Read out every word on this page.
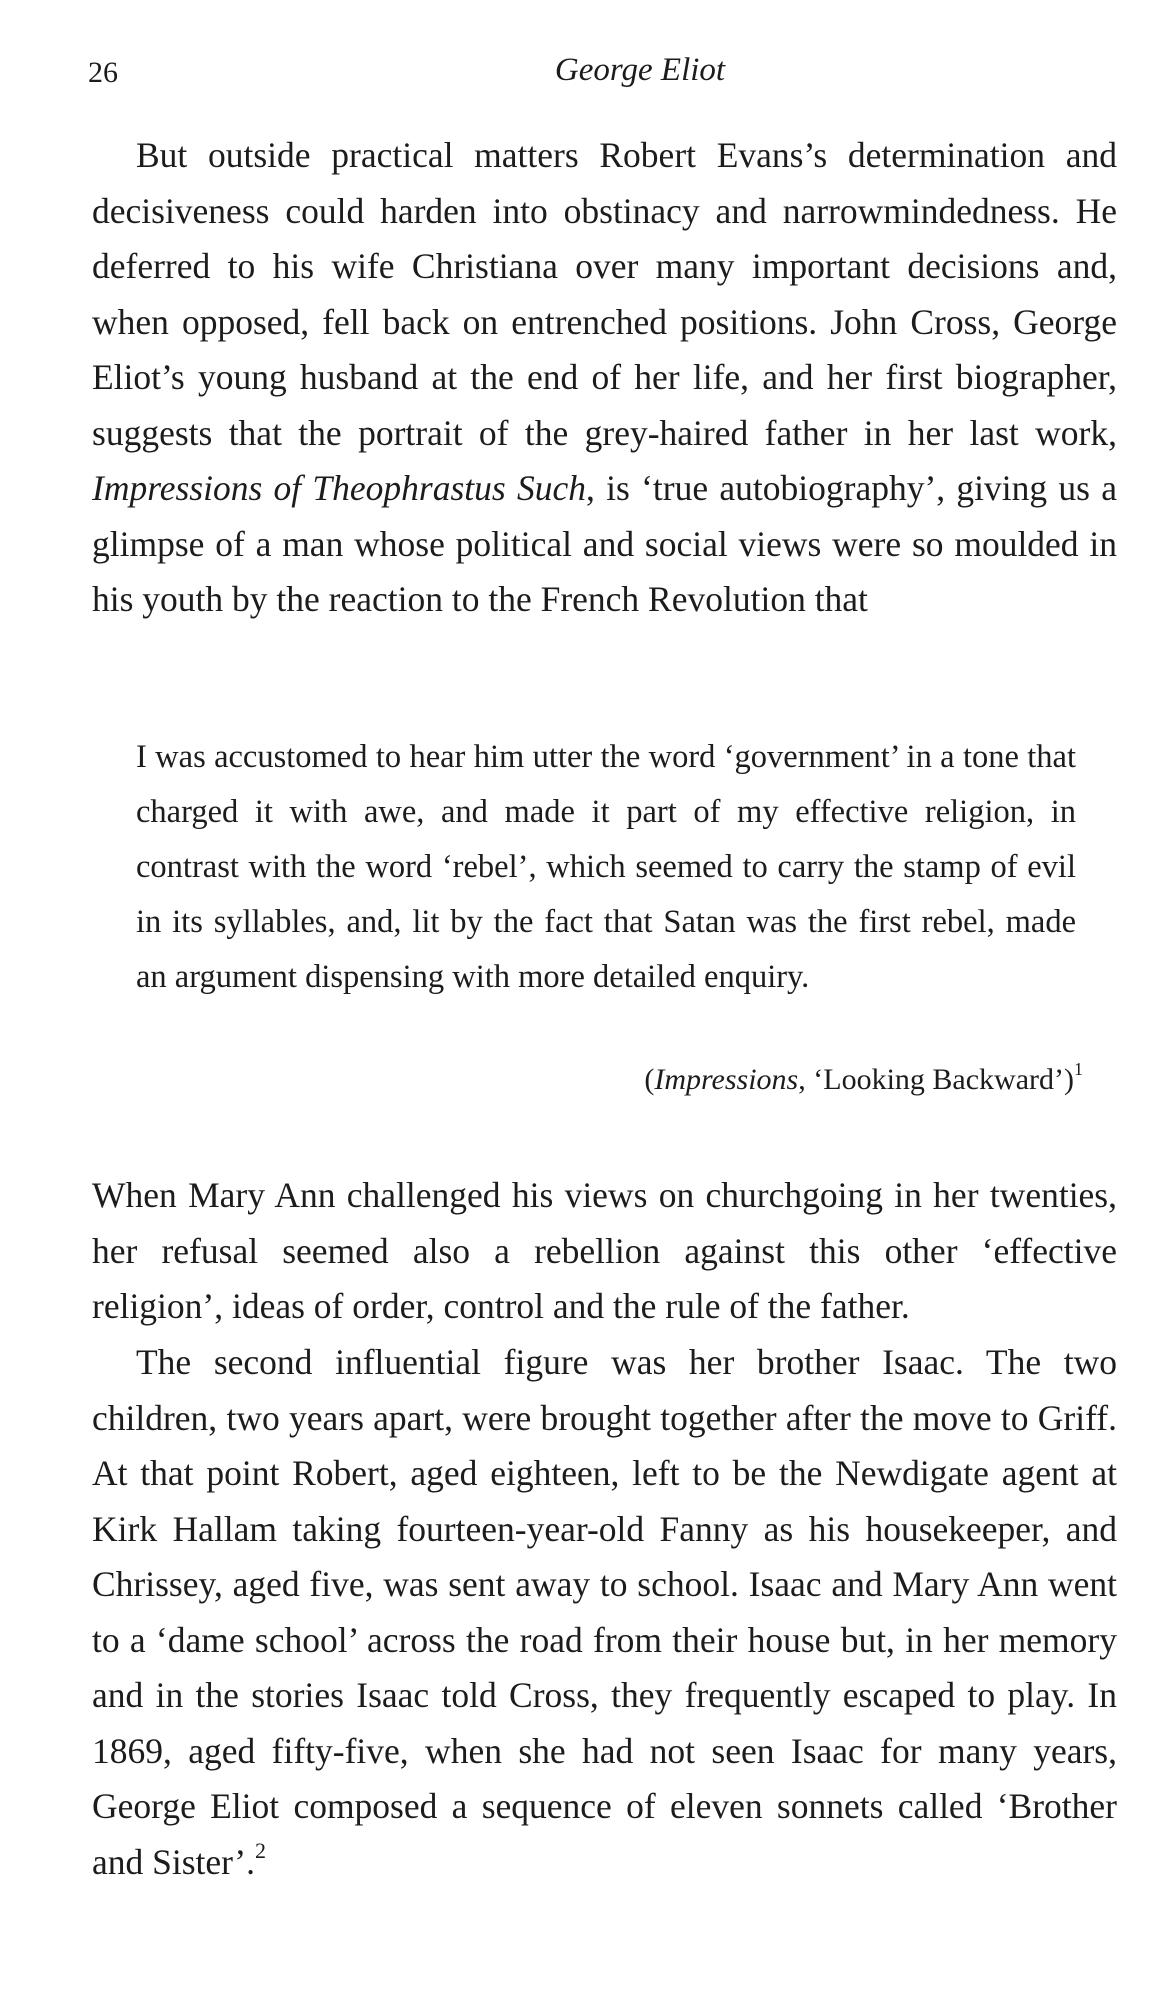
26	George Eliot

But outside practical matters Robert Evans’s determination and decisiveness could harden into obstinacy and narrowmindedness. He deferred to his wife Christiana over many important decisions and, when opposed, fell back on entrenched positions. John Cross, George Eliot’s young husband at the end of her life, and her first biographer, suggests that the portrait of the grey-haired father in her last work, Impressions of Theophrastus Such, is ‘true autobiography’, giving us a glimpse of a man whose political and social views were so moulded in his youth by the reaction to the French Revolution that

I was accustomed to hear him utter the word ‘government’ in a tone that charged it with awe, and made it part of my effective religion, in contrast with the word ‘rebel’, which seemed to carry the stamp of evil in its syllables, and, lit by the fact that Satan was the first rebel, made an argument dispensing with more detailed enquiry.

(Impressions, ‘Looking Backward’)$^1$

When Mary Ann challenged his views on churchgoing in her twenties, her refusal seemed also a rebellion against this other ‘effective religion’, ideas of order, control and the rule of the father.

The second influential figure was her brother Isaac. The two children, two years apart, were brought together after the move to Griff. At that point Robert, aged eighteen, left to be the Newdigate agent at Kirk Hallam taking fourteen-year-old Fanny as his housekeeper, and Chrissey, aged five, was sent away to school. Isaac and Mary Ann went to a ‘dame school’ across the road from their house but, in her memory and in the stories Isaac told Cross, they frequently escaped to play. In 1869, aged fifty-five, when she had not seen Isaac for many years, George Eliot composed a sequence of eleven sonnets called ‘Brother and Sister’.$^2$
